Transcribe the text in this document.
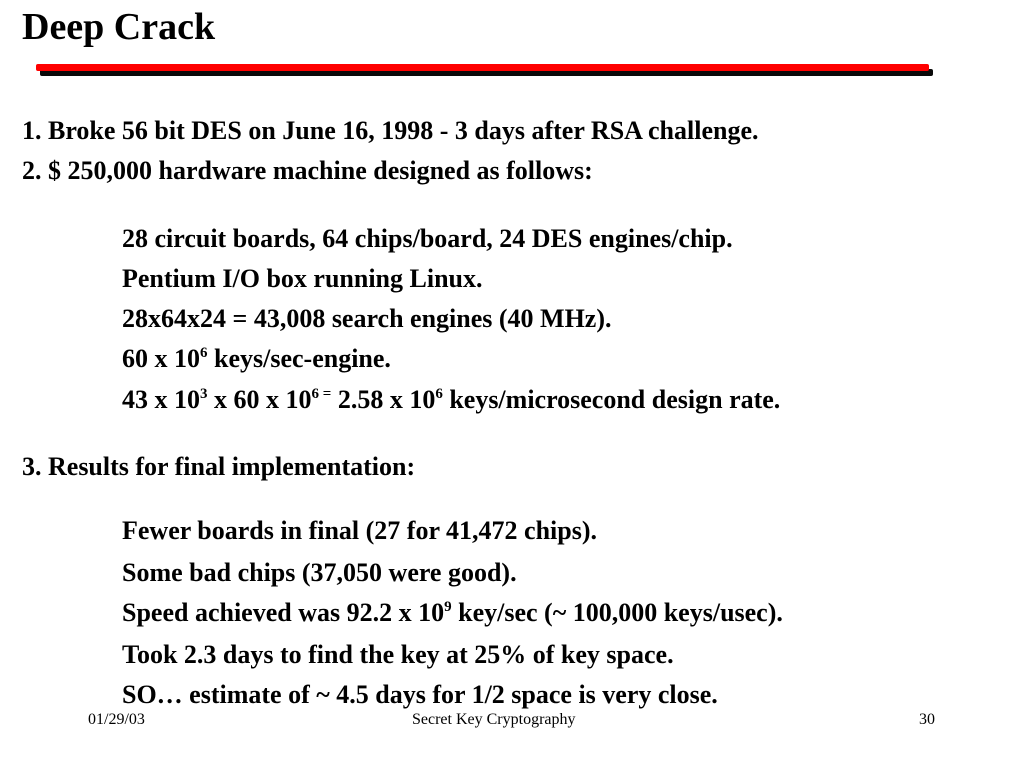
Deep Crack
1. Broke 56 bit DES on June 16, 1998 - 3 days after RSA challenge.
2. $ 250,000 hardware machine designed as follows:
28 circuit boards, 64 chips/board, 24 DES engines/chip.
Pentium I/O box running Linux.
28x64x24 = 43,008 search engines (40 MHz).
60 x $10^6$ keys/sec-engine.
43 x $10^3$ x 60 x $10^{6 =}$ 2.58 x $10^6$ keys/microsecond design rate.
3. Results for final implementation:
Fewer boards in final (27 for 41,472 chips).
Some bad chips (37,050 were good).
Speed achieved was 92.2 x $10^9$ key/sec (~ 100,000 keys/usec).
Took 2.3 days to find the key at 25% of key space.
SO… estimate of ~ 4.5 days for 1/2 space is very close.
01/29/03	Secret Key Cryptography	30
